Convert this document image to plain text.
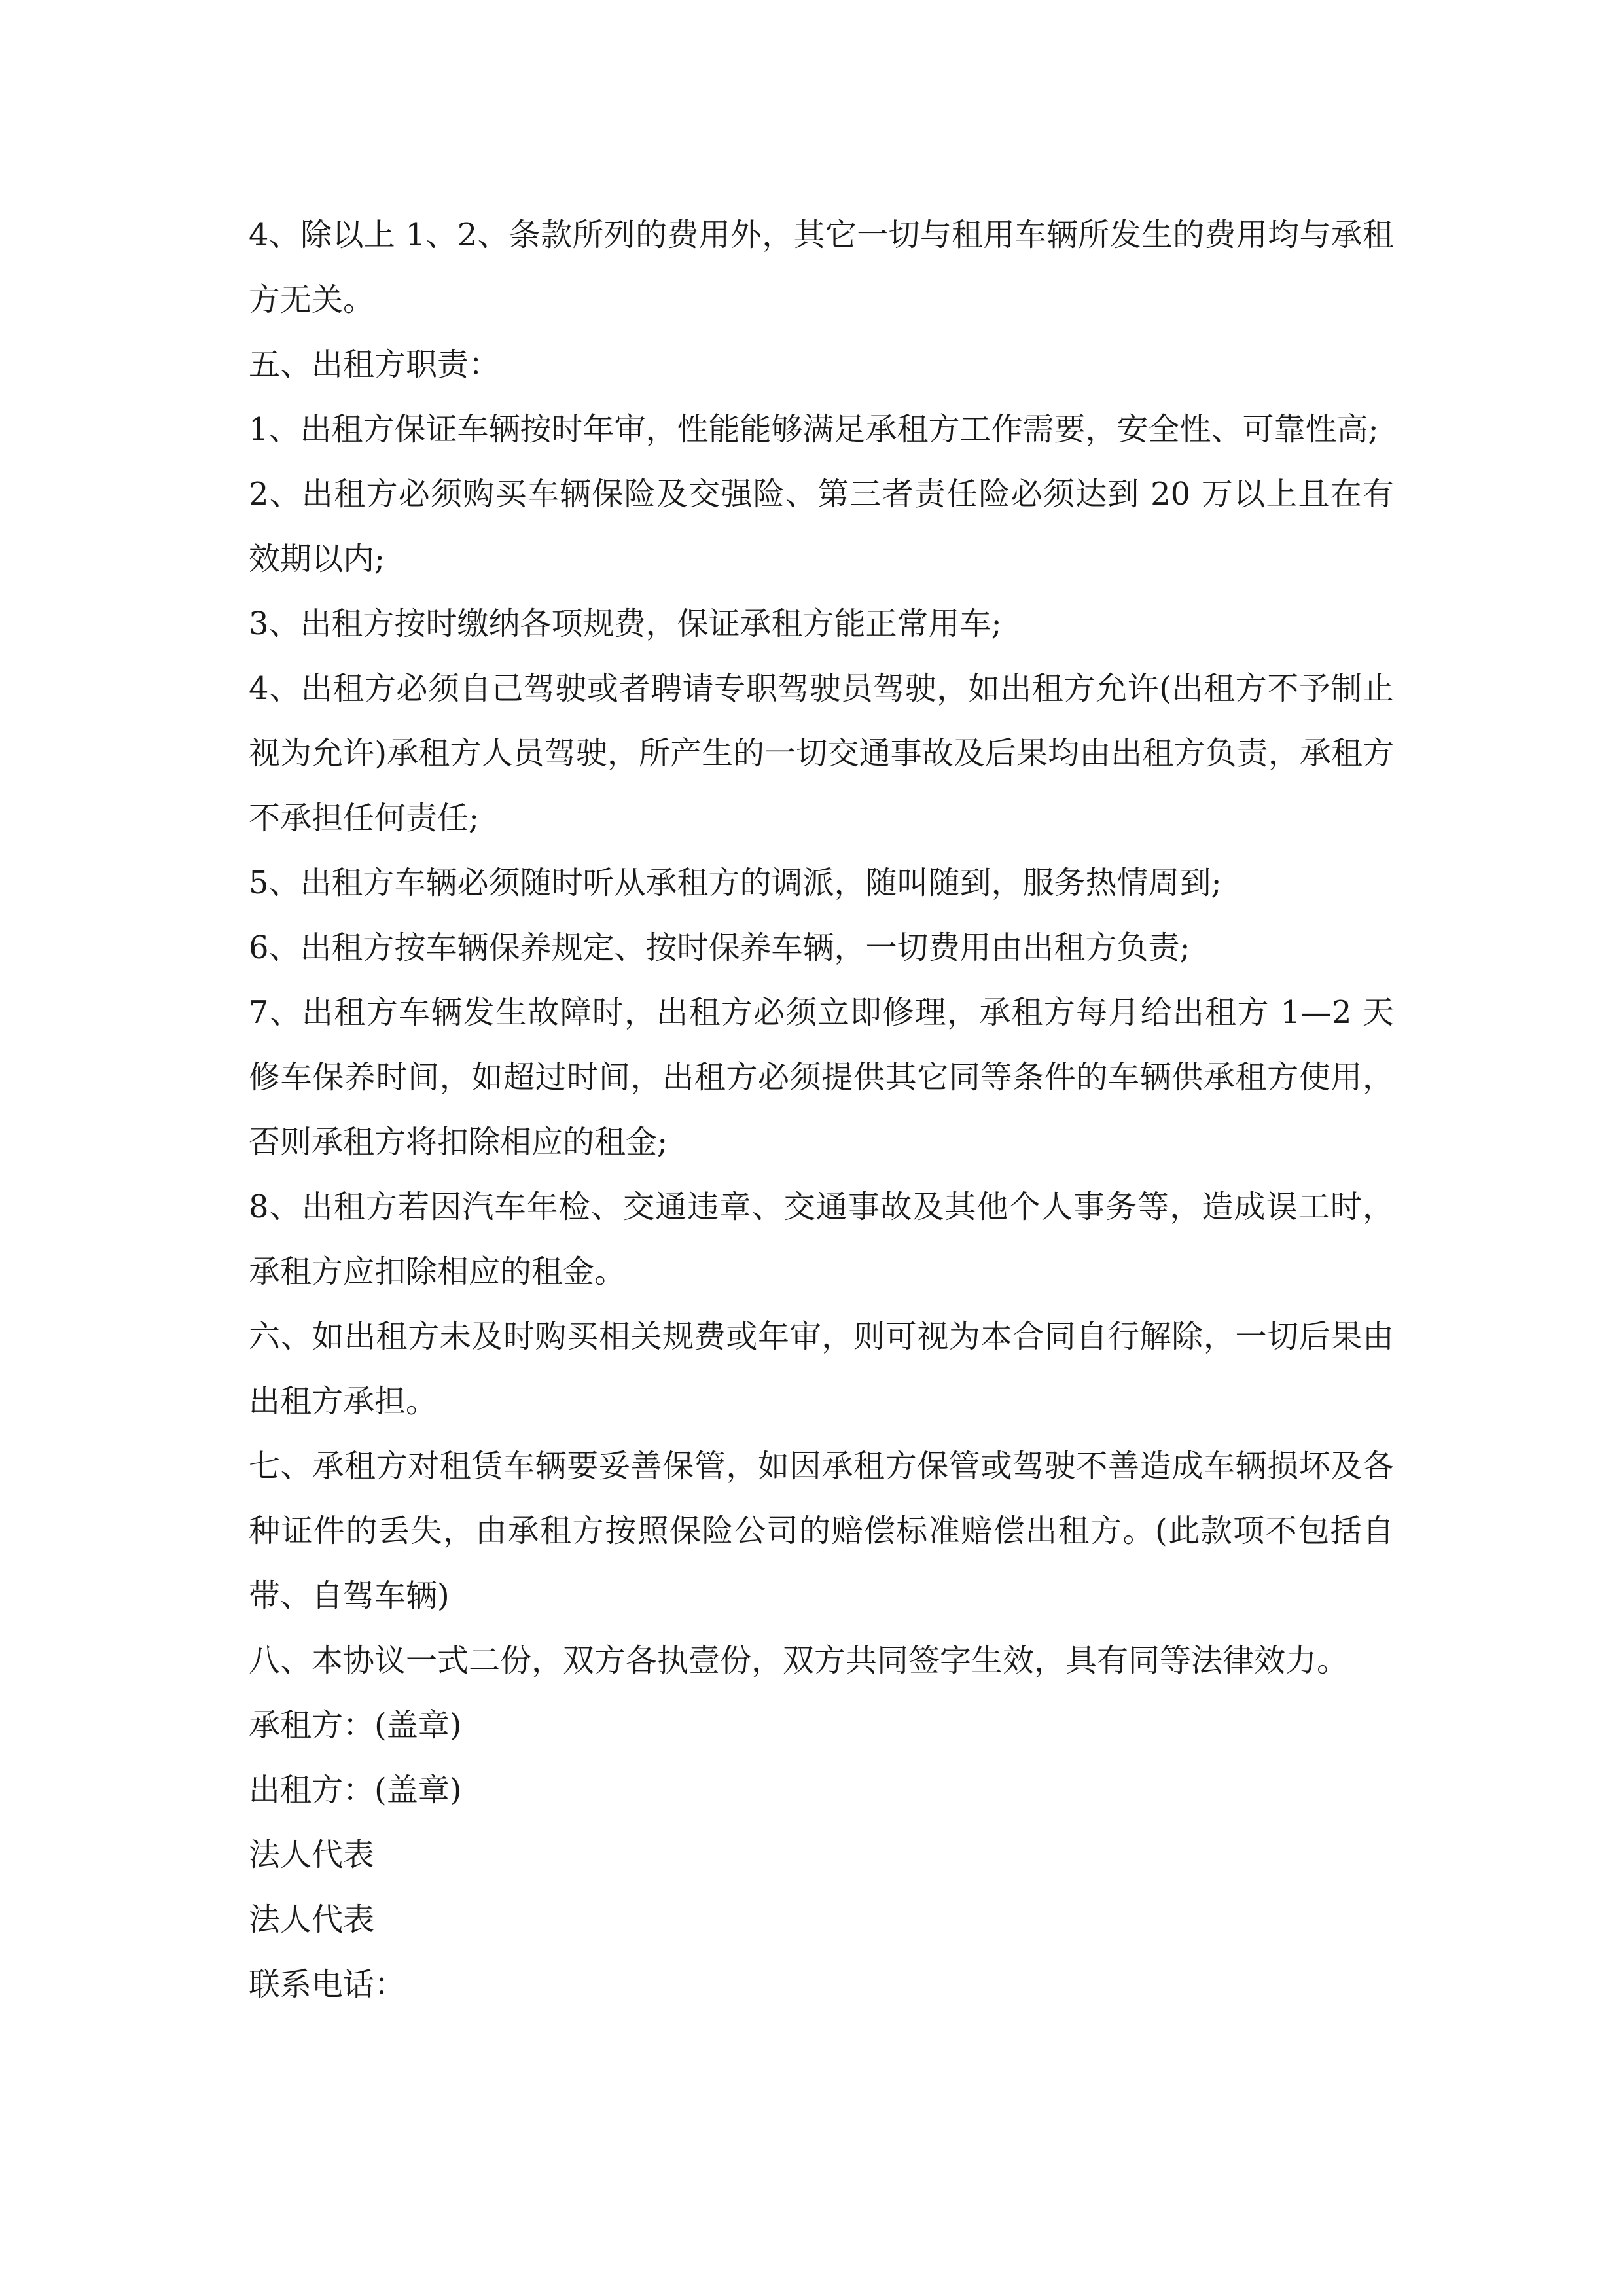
4、除以上 1、2、条款所列的费用外，其它一切与租用车辆所发生的费用均与承租方无关。

五、出租方职责：

1、出租方保证车辆按时年审，性能能够满足承租方工作需要，安全性、可靠性高;

2、出租方必须购买车辆保险及交强险、第三者责任险必须达到 20 万以上且在有效期以内;

3、出租方按时缴纳各项规费，保证承租方能正常用车;

4、出租方必须自己驾驶或者聘请专职驾驶员驾驶，如出租方允许(出租方不予制止视为允许)承租方人员驾驶，所产生的一切交通事故及后果均由出租方负责，承租方不承担任何责任;

5、出租方车辆必须随时听从承租方的调派，随叫随到，服务热情周到;

6、出租方按车辆保养规定、按时保养车辆，一切费用由出租方负责;

7、出租方车辆发生故障时，出租方必须立即修理，承租方每月给出租方 1—2 天修车保养时间，如超过时间，出租方必须提供其它同等条件的车辆供承租方使用，否则承租方将扣除相应的租金;

8、出租方若因汽车年检、交通违章、交通事故及其他个人事务等，造成误工时，承租方应扣除相应的租金。

六、如出租方未及时购买相关规费或年审，则可视为本合同自行解除，一切后果由出租方承担。

七、承租方对租赁车辆要妥善保管，如因承租方保管或驾驶不善造成车辆损坏及各种证件的丢失，由承租方按照保险公司的赔偿标准赔偿出租方。(此款项不包括自带、自驾车辆)

八、本协议一式二份，双方各执壹份，双方共同签字生效，具有同等法律效力。

承租方：(盖章)

出租方：(盖章)

法人代表

法人代表

联系电话：
